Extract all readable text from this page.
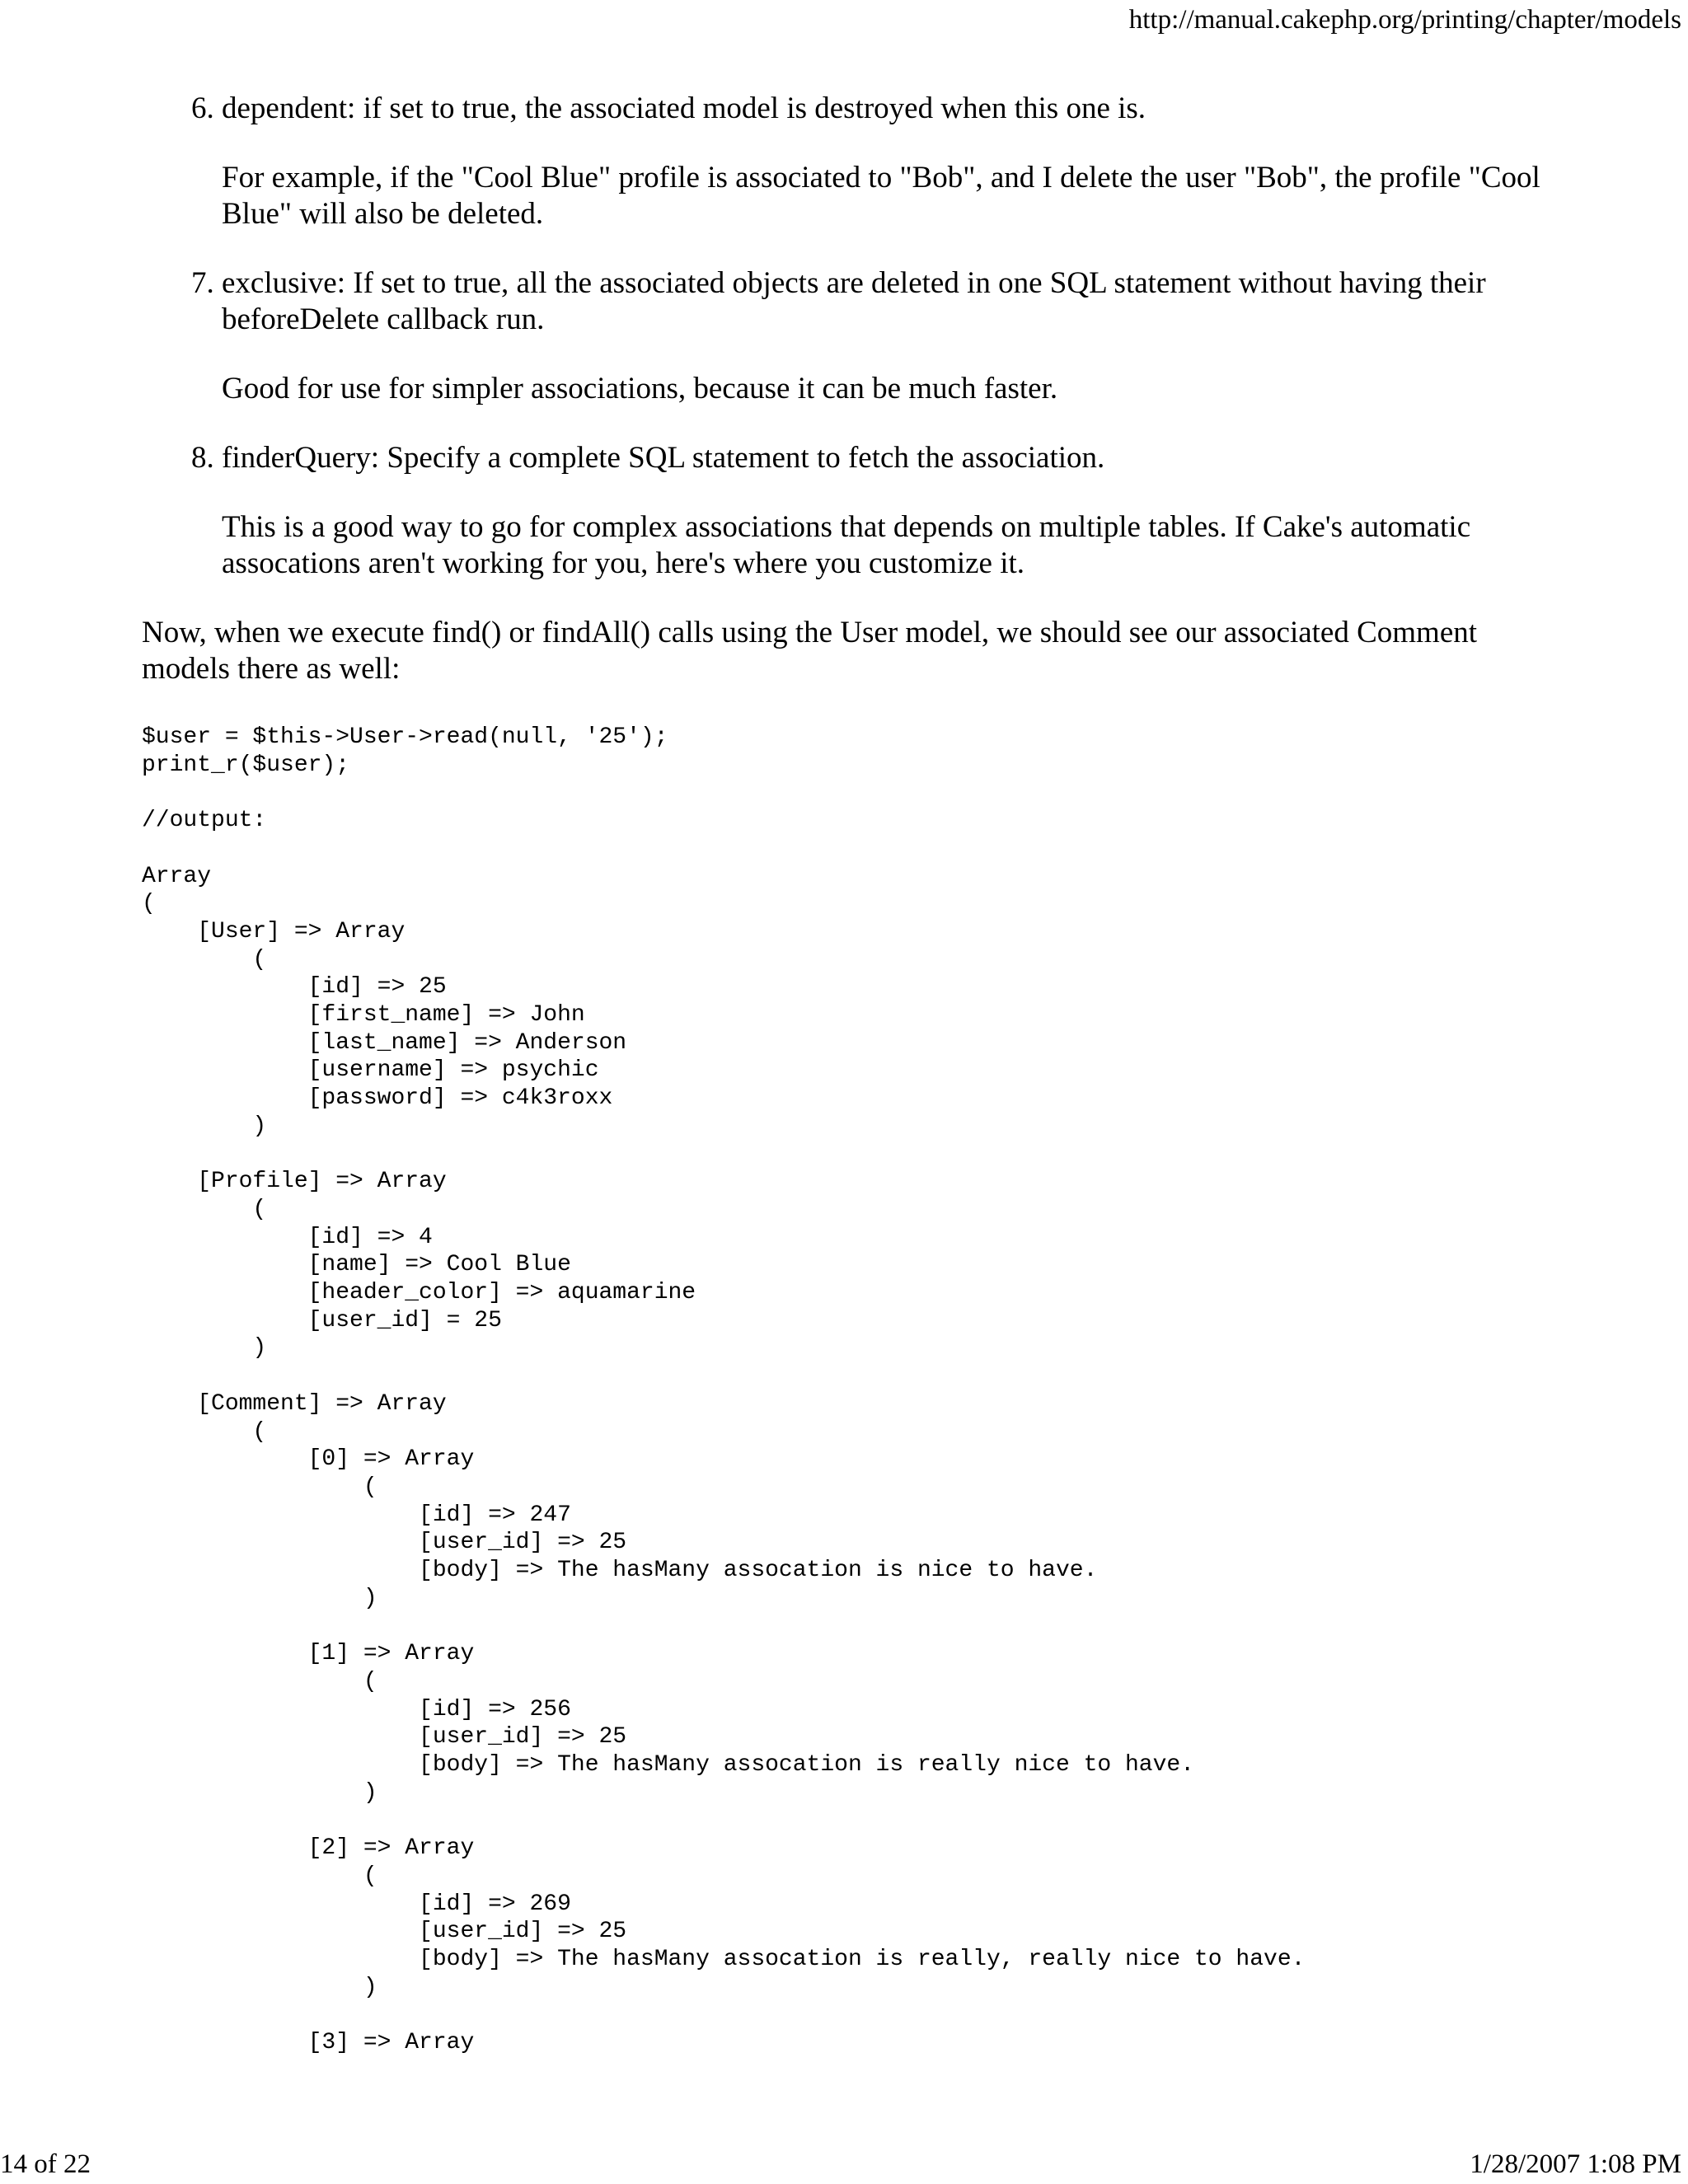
http://manual.cakephp.org/printing/chapter/models

6. dependent: if set to true, the associated model is destroyed when this one is.

For example, if the "Cool Blue" profile is associated to "Bob", and I delete the user "Bob", the profile "Cool Blue" will also be deleted.

7. exclusive: If set to true, all the associated objects are deleted in one SQL statement without having their beforeDelete callback run.

Good for use for simpler associations, because it can be much faster.

8. finderQuery: Specify a complete SQL statement to fetch the association.

This is a good way to go for complex associations that depends on multiple tables. If Cake's automatic assocations aren't working for you, here's where you customize it.

Now, when we execute find() or findAll() calls using the User model, we should see our associated Comment models there as well:

$user = $this->User->read(null, '25');
print_r($user);

//output:

Array
(
[User] => Array
(
[id] => 25
[first_name] => John
[last_name] => Anderson
[username] => psychic
[password] => c4k3roxx
)

[Profile] => Array
(
[id] => 4
[name] => Cool Blue
[header_color] => aquamarine
[user_id] = 25
)

[Comment] => Array
(
[0] => Array
(
[id] => 247
[user_id] => 25
[body] => The hasMany assocation is nice to have.
)

[1] => Array
(
[id] => 256
[user_id] => 25
[body] => The hasMany assocation is really nice to have.
)

[2] => Array
(
[id] => 269
[user_id] => 25
[body] => The hasMany assocation is really, really nice to have.
)

[3] => Array
14 of 22	1/28/2007 1:08 PM
